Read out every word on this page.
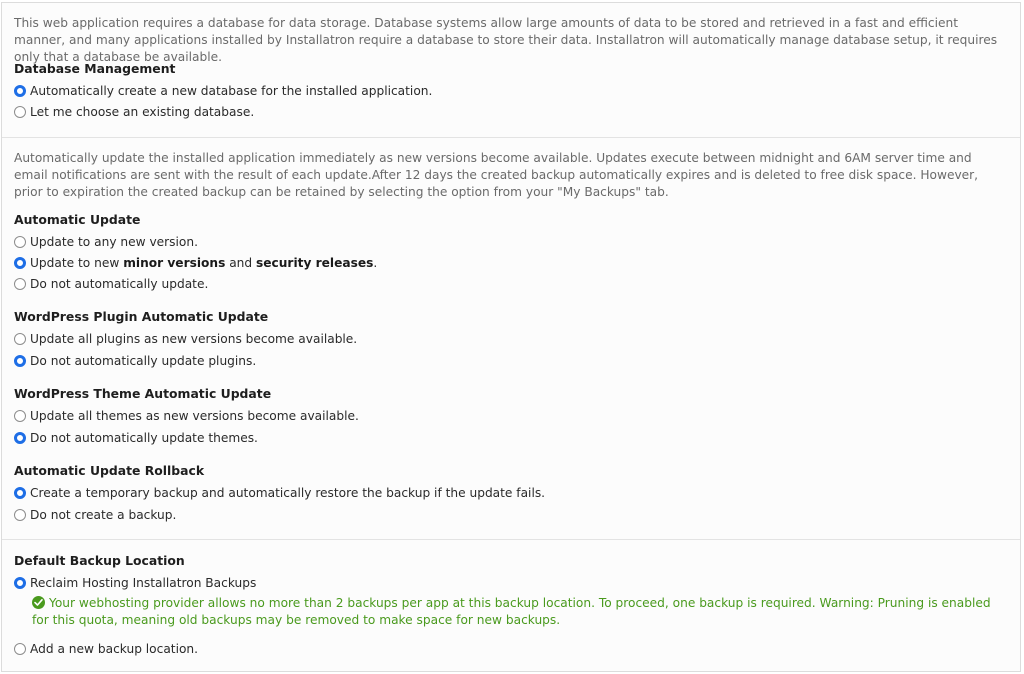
This web application requires a database for data storage. Database systems allow large amounts of data to be stored and retrieved in a fast and efficient manner, and many applications installed by Installatron require a database to store their data. Installatron will automatically manage database setup, it requires only that a database be available.
Database Management
Automatically create a new database for the installed application.
Let me choose an existing database.
Automatically update the installed application immediately as new versions become available. Updates execute between midnight and 6AM server time and email notifications are sent with the result of each update.After 12 days the created backup automatically expires and is deleted to free disk space. However, prior to expiration the created backup can be retained by selecting the option from your "My Backups" tab.
Automatic Update
Update to any new version.
Update to new minor versions and security releases.
Do not automatically update.
WordPress Plugin Automatic Update
Update all plugins as new versions become available.
Do not automatically update plugins.
WordPress Theme Automatic Update
Update all themes as new versions become available.
Do not automatically update themes.
Automatic Update Rollback
Create a temporary backup and automatically restore the backup if the update fails.
Do not create a backup.
Default Backup Location
Reclaim Hosting Installatron Backups
Your webhosting provider allows no more than 2 backups per app at this backup location. To proceed, one backup is required. Warning: Pruning is enabled for this quota, meaning old backups may be removed to make space for new backups.
Add a new backup location.
